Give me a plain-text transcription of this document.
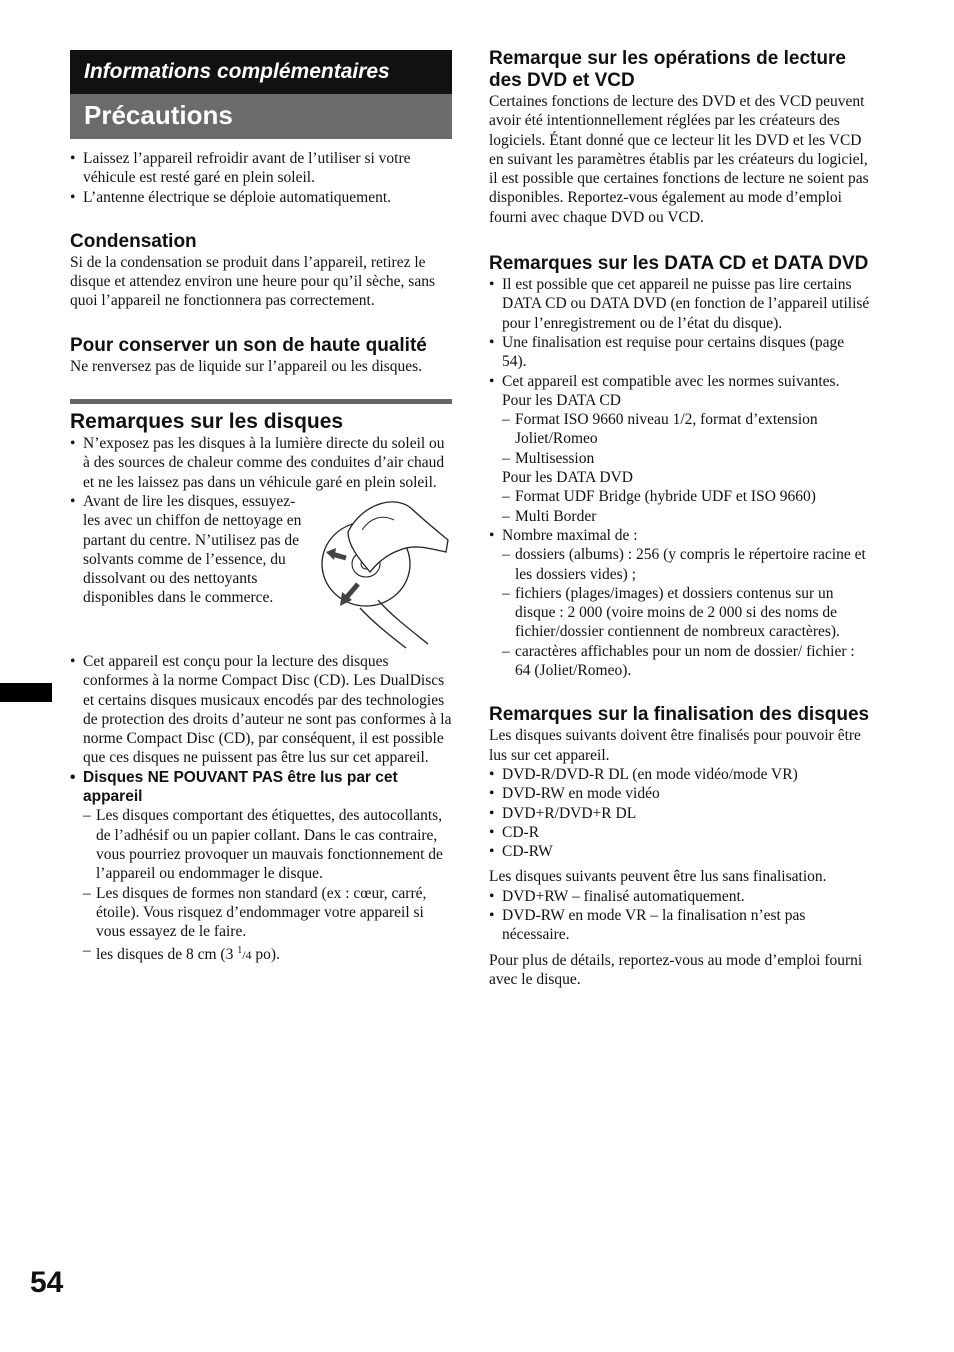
Informations complémentaires
Précautions
• Laissez l’appareil refroidir avant de l’utiliser si votre véhicule est resté garé en plein soleil.
• L’antenne électrique se déploie automatiquement.
Condensation

Si de la condensation se produit dans l’appareil, retirez le disque et attendez environ une heure pour qu’il sèche, sans quoi l’appareil ne fonctionnera pas correctement.

Pour conserver un son de haute qualité

Ne renversez pas de liquide sur l’appareil ou les disques.

Remarques sur les disques
• N’exposez pas les disques à la lumière directe du soleil ou à des sources de chaleur comme des conduites d’air chaud et ne les laissez pas dans un véhicule garé en plein soleil.
• Avant de lire les disques, essuyez-les avec un chiffon de nettoyage en partant du centre. N’utilisez pas de solvants comme de l’essence, du dissolvant ou des nettoyants disponibles dans le commerce.
• Cet appareil est conçu pour la lecture des disques conformes à la norme Compact Disc (CD). Les DualDiscs et certains disques musicaux encodés par des technologies de protection des droits d’auteur ne sont pas conformes à la norme Compact Disc (CD), par conséquent, il est possible que ces disques ne puissent pas être lus sur cet appareil.
• Disques NE POUVANT PAS être lus par cet appareil
– Les disques comportant des étiquettes, des autocollants, de l’adhésif ou un papier collant. Dans le cas contraire, vous pourriez provoquer un mauvais fonctionnement de l’appareil ou endommager le disque.
– Les disques de formes non standard (ex : cœur, carré, étoile). Vous risquez d’endommager votre appareil si vous essayez de le faire.
– les disques de 8 cm (3 $^1$/4 po).
Remarque sur les opérations de lecture des DVD et VCD

Certaines fonctions de lecture des DVD et des VCD peuvent avoir été intentionnellement réglées par les créateurs des logiciels. Étant donné que ce lecteur lit les DVD et les VCD en suivant les paramètres établis par les créateurs du logiciel, il est possible que certaines fonctions de lecture ne soient pas disponibles. Reportez-vous également au mode d’emploi fourni avec chaque DVD ou VCD.

Remarques sur les DATA CD et DATA DVD
• Il est possible que cet appareil ne puisse pas lire certains DATA CD ou DATA DVD (en fonction de l’appareil utilisé pour l’enregistrement ou de l’état du disque).
• Une finalisation est requise pour certains disques (page 54).
• Cet appareil est compatible avec les normes suivantes.
Pour les DATA CD
– Format ISO 9660 niveau 1/2, format d’extension Joliet/Romeo
– Multisession
Pour les DATA DVD
– Format UDF Bridge (hybride UDF et ISO 9660)
– Multi Border
• Nombre maximal de :
– dossiers (albums) : 256 (y compris le répertoire racine et les dossiers vides) ;
– fichiers (plages/images) et dossiers contenus sur un disque : 2 000 (voire moins de 2 000 si des noms de fichier/dossier contiennent de nombreux caractères).
– caractères affichables pour un nom de dossier/ fichier : 64 (Joliet/Romeo).
Remarques sur la finalisation des disques

Les disques suivants doivent être finalisés pour pouvoir être lus sur cet appareil.

• DVD-R/DVD-R DL (en mode vidéo/mode VR)
• DVD-RW en mode vidéo
• DVD+R/DVD+R DL
• CD-R
• CD-RW

Les disques suivants peuvent être lus sans finalisation.

• DVD+RW – finalisé automatiquement.
• DVD-RW en mode VR – la finalisation n’est pas nécessaire.

Pour plus de détails, reportez-vous au mode d’emploi fourni avec le disque.

54
